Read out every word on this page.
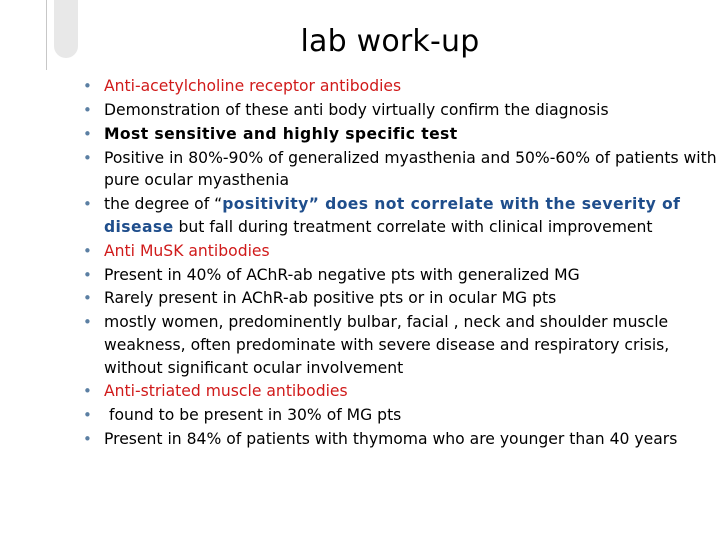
lab work-up
• Anti-acetylcholine receptor antibodies
• Demonstration of these anti body virtually confirm the diagnosis
• Most sensitive and highly specific test
• Positive in 80%-90% of generalized myasthenia and 50%-60% of patients with pure ocular myasthenia
• the degree of “positivity” does not correlate with the severity of disease but fall during treatment correlate with clinical improvement
• Anti MuSK antibodies
• Present in 40% of AChR-ab negative pts with generalized MG
• Rarely present in AChR-ab positive pts or in ocular MG pts
• mostly women, predominently bulbar, facial , neck and shoulder muscle weakness, often predominate with severe disease and respiratory crisis, without significant ocular involvement
• Anti-striated muscle antibodies
• found to be present in 30% of MG pts
• Present in 84% of patients with thymoma who are younger than 40 years
